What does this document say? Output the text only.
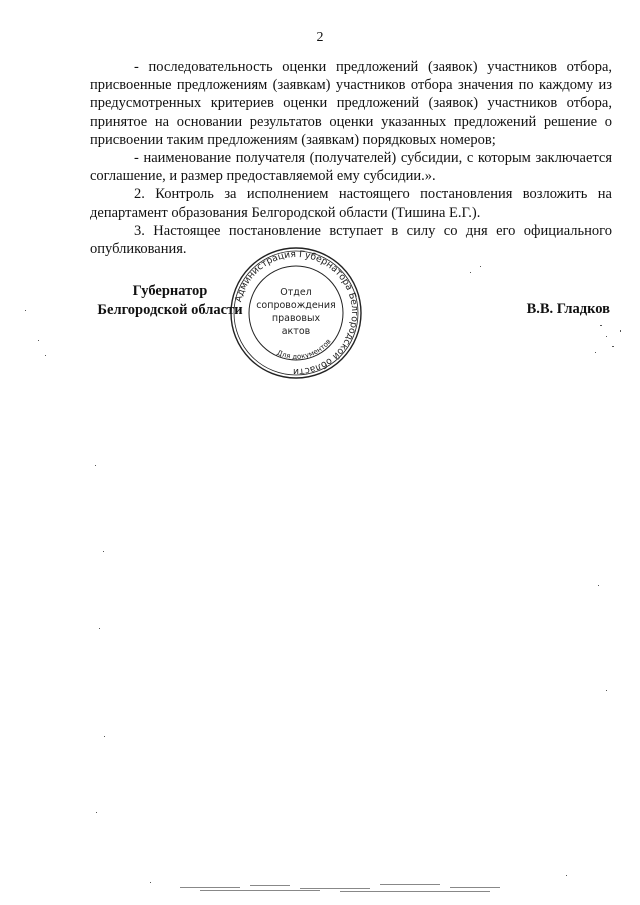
2

- последовательность оценки предложений (заявок) участников отбора, присвоенные предложениям (заявкам) участников отбора значения по каждому из предусмотренных критериев оценки предложений (заявок) участников отбора, принятое на основании результатов оценки указанных предложений решение о присвоении таким предложениям (заявкам) порядковых номеров;

- наименование получателя (получателей) субсидии, с которым заключается соглашение, и размер предоставляемой ему субсидии.».

2. Контроль за исполнением настоящего постановления возложить на департамент образования Белгородской области (Тишина Е.Г.).

3. Настоящее постановление вступает в силу со дня его официального опубликования.

Губернатор
Белгородской области	В.В. Гладков
Администрация Губернатора Белгородской области
Для документов
Отдел
сопровождения
правовых
актов
